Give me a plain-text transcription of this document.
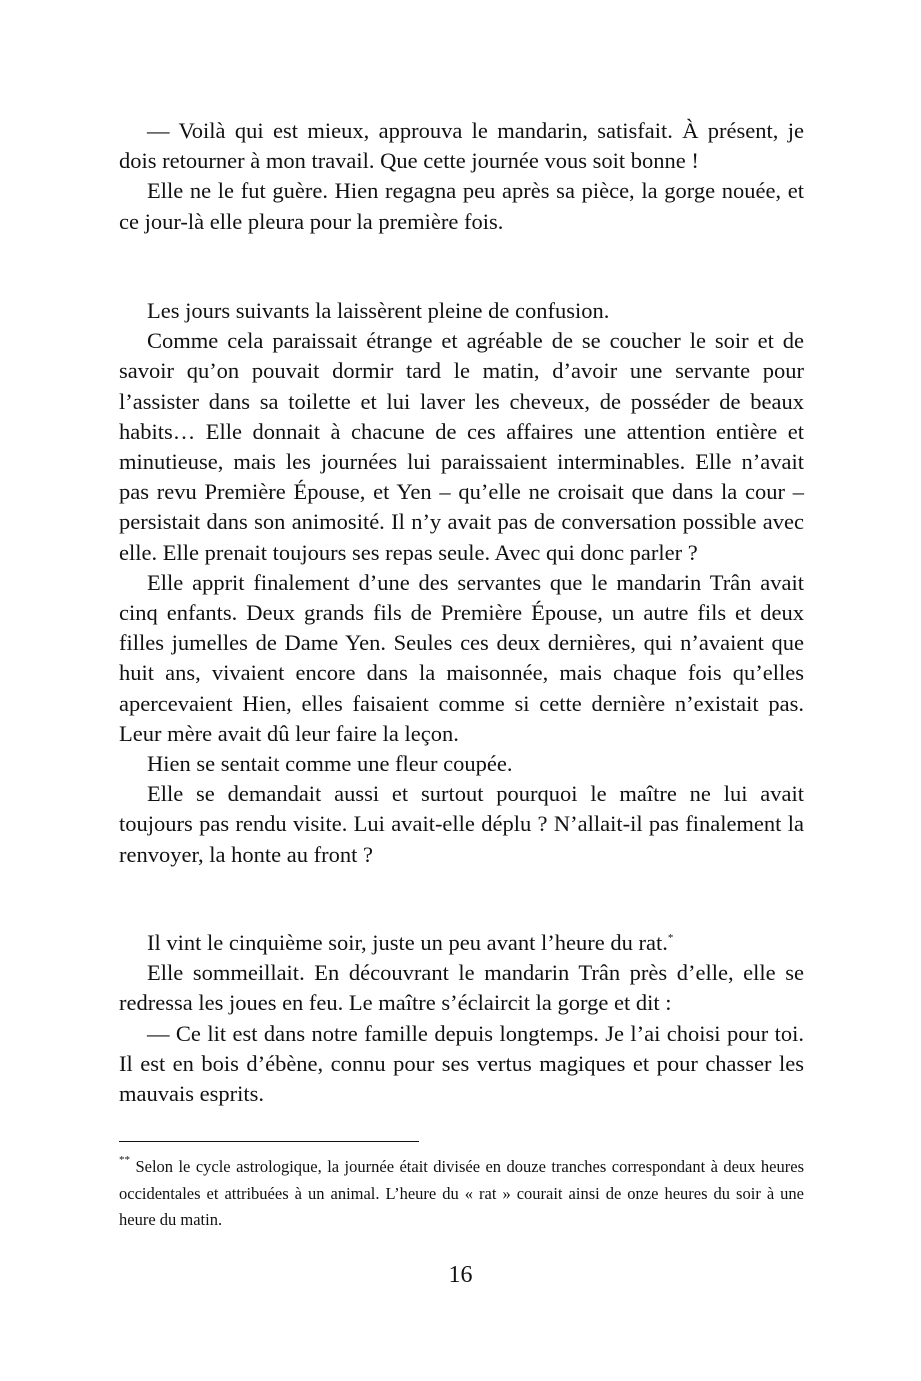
— Voilà qui est mieux, approuva le mandarin, satisfait. À présent, je dois retourner à mon travail. Que cette journée vous soit bonne !

Elle ne le fut guère. Hien regagna peu après sa pièce, la gorge nouée, et ce jour-là elle pleura pour la première fois.

Les jours suivants la laissèrent pleine de confusion.

Comme cela paraissait étrange et agréable de se coucher le soir et de savoir qu’on pouvait dormir tard le matin, d’avoir une servante pour l’assister dans sa toilette et lui laver les cheveux, de posséder de beaux habits… Elle donnait à chacune de ces affaires une attention entière et minutieuse, mais les journées lui paraissaient interminables. Elle n’avait pas revu Première Épouse, et Yen – qu’elle ne croisait que dans la cour – persistait dans son animosité. Il n’y avait pas de conversation possible avec elle. Elle prenait toujours ses repas seule. Avec qui donc parler ?

Elle apprit finalement d’une des servantes que le mandarin Trân avait cinq enfants. Deux grands fils de Première Épouse, un autre fils et deux filles jumelles de Dame Yen. Seules ces deux dernières, qui n’avaient que huit ans, vivaient encore dans la maisonnée, mais chaque fois qu’elles apercevaient Hien, elles faisaient comme si cette dernière n’existait pas. Leur mère avait dû leur faire la leçon.

Hien se sentait comme une fleur coupée.

Elle se demandait aussi et surtout pourquoi le maître ne lui avait toujours pas rendu visite. Lui avait-elle déplu ? N’allait-il pas finalement la renvoyer, la honte au front ?

Il vint le cinquième soir, juste un peu avant l’heure du rat.*

Elle sommeillait. En découvrant le mandarin Trân près d’elle, elle se redressa les joues en feu. Le maître s’éclaircit la gorge et dit :

— Ce lit est dans notre famille depuis longtemps. Je l’ai choisi pour toi. Il est en bois d’ébène, connu pour ses vertus magiques et pour chasser les mauvais esprits.

** Selon le cycle astrologique, la journée était divisée en douze tranches correspondant à deux heures occidentales et attribuées à un animal. L’heure du « rat » courait ainsi de onze heures du soir à une heure du matin.

16
